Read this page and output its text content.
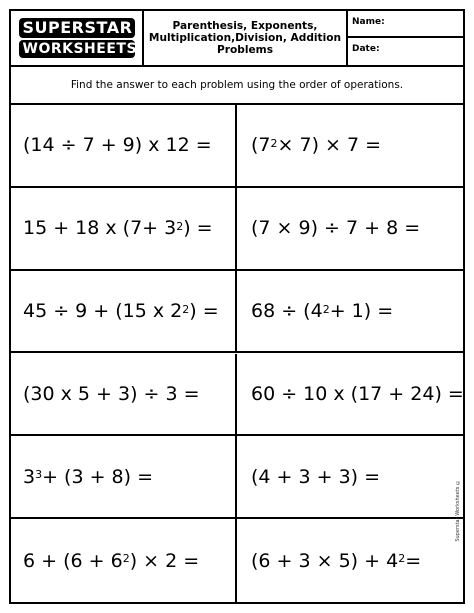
SUPERSTAR
WORKSHEETS
Parenthesis, Exponents, Multiplication,Division, Addition Problems
Name:
Date:
Find the answer to each problem using the order of operations.
(14 ÷ 7 + 9) x $12 = (7^2 \times 7) \times 7$ =
15 + 18 x ($7+ 3^2$ ) = (7 × 9) ÷ 7 + 8 =
45 ÷ 9 + (15 x $2^2$ ) = $68 \div (4^2 + 1)$ =
(30 x 5 + 3) ÷ 3 =	60 ÷ 10 x (17 + 24) =
$3^3 + (3 + 8)$ =	(4 + 3 + 3) =
$6 + (6 + 6^2$ ) × 2 =	$(6 + 3 \times 5) + 4^2$ =
Superstar Worksheets ©
